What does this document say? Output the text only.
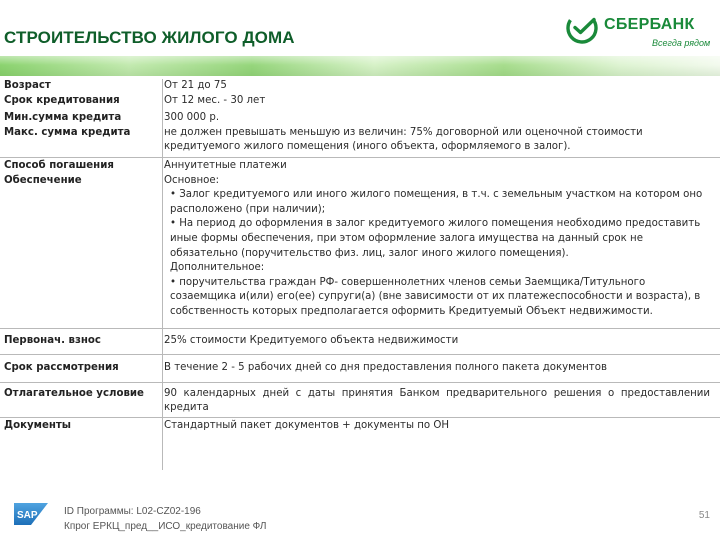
СТРОИТЕЛЬСТВО ЖИЛОГО ДОМА
СБЕРБАНК
Всегда рядом
Возраст	От 21 до 75
Срок кредитования	От 12 мес. - 30 лет
Мин.сумма кредита	300 000 р.
Макс. сумма кредита	не должен превышать меньшую из величин: 75% договорной или оценочной стоимости кредитуемого жилого помещения (иного объекта, оформляемого в залог).
Способ погашения	Аннуитетные платежи
Обеспечение	Основное:
• Залог кредитуемого или иного жилого помещения, в т.ч. с земельным участком на котором оно расположено (при наличии);
• На период до оформления в залог кредитуемого жилого помещения необходимо предоставить иные формы обеспечения, при этом оформление залога имущества на данный срок не обязательно (поручительство физ. лиц, залог иного жилого помещения).
Дополнительное:
• поручительства граждан РФ- совершеннолетних членов семьи Заемщика/Титульного созаемщика и(или) его(ее) супруги(а) (вне зависимости от их платежеспособности и возраста), в собственность которых предполагается оформить Кредитуемый Объект недвижимости.
Первонач. взнос	25% стоимости Кредитуемого объекта недвижимости
Срок рассмотрения	В течение 2 - 5 рабочих дней со дня предоставления полного пакета документов
Отлагательное условие	90 календарных дней с даты принятия Банком предварительного решения о предоставлении кредита
Документы	Стандартный пакет документов + документы по ОН
SAP	ID Программы: L02-CZ02-196
Кпрог ЕРКЦ_пред__ИСО_кредитование ФЛ
51
